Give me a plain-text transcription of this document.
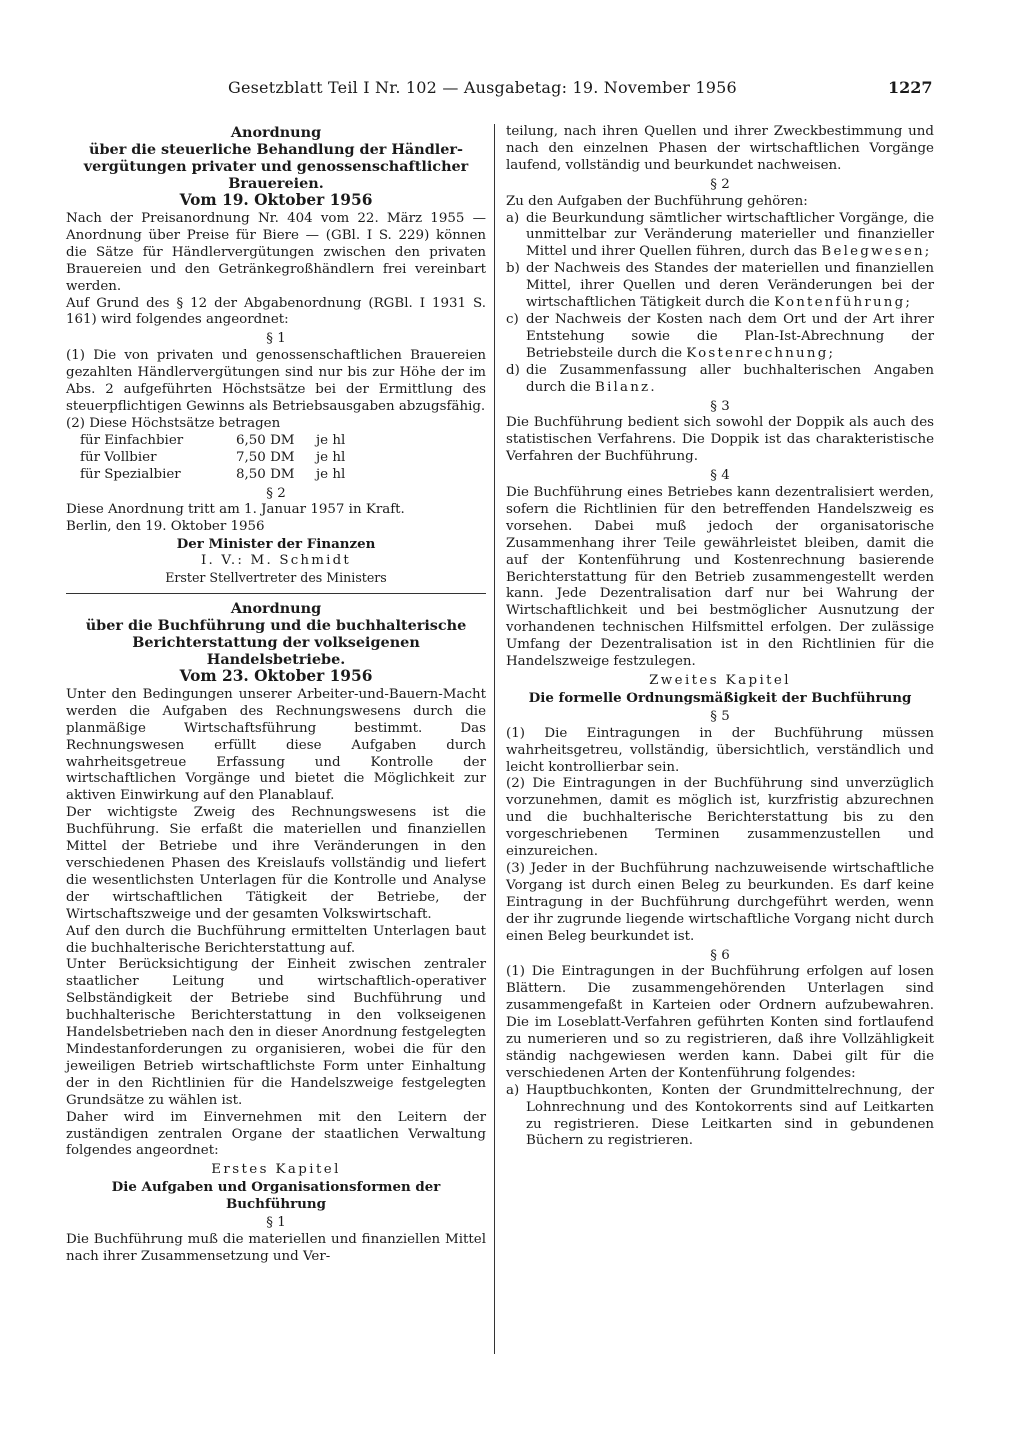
Gesetzblatt Teil I Nr. 102 — Ausgabetag: 19. November 1956	1227

Anordnung

über die steuerliche Behandlung der Händler-

vergütungen privater und genossenschaftlicher

Brauereien.

Vom 19. Oktober 1956

Nach der Preisanordnung Nr. 404 vom 22. März 1955 — Anordnung über Preise für Biere — (GBl. I S. 229) können die Sätze für Händlervergütungen zwischen den privaten Brauereien und den Getränkegroßhändlern frei vereinbart werden.

Auf Grund des § 12 der Abgabenordnung (RGBl. I 1931 S. 161) wird folgendes angeordnet:

§ 1

(1) Die von privaten und genossenschaftlichen Brauereien gezahlten Händlervergütungen sind nur bis zur Höhe der im Abs. 2 aufgeführten Höchstsätze bei der Ermittlung des steuerpflichtigen Gewinns als Betriebsausgaben abzugsfähig.

(2) Diese Höchstsätze betragen

für Einfachbier	6,50 DM	je hl
für Vollbier	7,50 DM	je hl
für Spezialbier	8,50 DM	je hl

§ 2

Diese Anordnung tritt am 1. Januar 1957 in Kraft.

Berlin, den 19. Oktober 1956

Der Minister der Finanzen

I. V.: M. Schmidt

Erster Stellvertreter des Ministers

Anordnung

über die Buchführung und die buchhalterische

Berichterstattung der volkseigenen Handelsbetriebe.

Vom 23. Oktober 1956

Unter den Bedingungen unserer Arbeiter-und-Bauern-Macht werden die Aufgaben des Rechnungswesens durch die planmäßige Wirtschaftsführung bestimmt. Das Rechnungswesen erfüllt diese Aufgaben durch wahrheitsgetreue Erfassung und Kontrolle der wirtschaftlichen Vorgänge und bietet die Möglichkeit zur aktiven Einwirkung auf den Planablauf.

Der wichtigste Zweig des Rechnungswesens ist die Buchführung. Sie erfaßt die materiellen und finanziellen Mittel der Betriebe und ihre Veränderungen in den verschiedenen Phasen des Kreislaufs vollständig und liefert die wesentlichsten Unterlagen für die Kontrolle und Analyse der wirtschaftlichen Tätigkeit der Betriebe, der Wirtschaftszweige und der gesamten Volkswirtschaft.

Auf den durch die Buchführung ermittelten Unterlagen baut die buchhalterische Berichterstattung auf.

Unter Berücksichtigung der Einheit zwischen zentraler staatlicher Leitung und wirtschaftlich-operativer Selbständigkeit der Betriebe sind Buchführung und buchhalterische Berichterstattung in den volkseigenen Handelsbetrieben nach den in dieser Anordnung festgelegten Mindestanforderungen zu organisieren, wobei die für den jeweiligen Betrieb wirtschaftlichste Form unter Einhaltung der in den Richtlinien für die Handelszweige festgelegten Grundsätze zu wählen ist.

Daher wird im Einvernehmen mit den Leitern der zuständigen zentralen Organe der staatlichen Verwaltung folgendes angeordnet:

Erstes Kapitel

Die Aufgaben und Organisationsformen der Buchführung

§ 1

Die Buchführung muß die materiellen und finanziellen Mittel nach ihrer Zusammensetzung und Ver-

teilung, nach ihren Quellen und ihrer Zweckbestimmung und nach den einzelnen Phasen der wirtschaftlichen Vorgänge laufend, vollständig und beurkundet nachweisen.

§ 2

Zu den Aufgaben der Buchführung gehören:

a) die Beurkundung sämtlicher wirtschaftlicher Vorgänge, die unmittelbar zur Veränderung materieller und finanzieller Mittel und ihrer Quellen führen, durch das Belegwesen;
b) der Nachweis des Standes der materiellen und finanziellen Mittel, ihrer Quellen und deren Veränderungen bei der wirtschaftlichen Tätigkeit durch die Kontenführung;
c) der Nachweis der Kosten nach dem Ort und der Art ihrer Entstehung sowie die Plan-Ist-Abrechnung der Betriebsteile durch die Kostenrechnung;
d) die Zusammenfassung aller buchhalterischen Angaben durch die Bilanz.

§ 3

Die Buchführung bedient sich sowohl der Doppik als auch des statistischen Verfahrens. Die Doppik ist das charakteristische Verfahren der Buchführung.

§ 4

Die Buchführung eines Betriebes kann dezentralisiert werden, sofern die Richtlinien für den betreffenden Handelszweig es vorsehen. Dabei muß jedoch der organisatorische Zusammenhang ihrer Teile gewährleistet bleiben, damit die auf der Kontenführung und Kostenrechnung basierende Berichterstattung für den Betrieb zusammengestellt werden kann. Jede Dezentralisation darf nur bei Wahrung der Wirtschaftlichkeit und bei bestmöglicher Ausnutzung der vorhandenen technischen Hilfsmittel erfolgen. Der zulässige Umfang der Dezentralisation ist in den Richtlinien für die Handelszweige festzulegen.

Zweites Kapitel

Die formelle Ordnungsmäßigkeit der Buchführung

§ 5

(1) Die Eintragungen in der Buchführung müssen wahrheitsgetreu, vollständig, übersichtlich, verständlich und leicht kontrollierbar sein.

(2) Die Eintragungen in der Buchführung sind unverzüglich vorzunehmen, damit es möglich ist, kurzfristig abzurechnen und die buchhalterische Berichterstattung bis zu den vorgeschriebenen Terminen zusammenzustellen und einzureichen.

(3) Jeder in der Buchführung nachzuweisende wirtschaftliche Vorgang ist durch einen Beleg zu beurkunden. Es darf keine Eintragung in der Buchführung durchgeführt werden, wenn der ihr zugrunde liegende wirtschaftliche Vorgang nicht durch einen Beleg beurkundet ist.

§ 6

(1) Die Eintragungen in der Buchführung erfolgen auf losen Blättern. Die zusammengehörenden Unterlagen sind zusammengefaßt in Karteien oder Ordnern aufzubewahren. Die im Loseblatt-Verfahren geführten Konten sind fortlaufend zu numerieren und so zu registrieren, daß ihre Vollzähligkeit ständig nachgewiesen werden kann. Dabei gilt für die verschiedenen Arten der Kontenführung folgendes:

a) Hauptbuchkonten, Konten der Grundmittelrechnung, der Lohnrechnung und des Kontokorrents sind auf Leitkarten zu registrieren. Diese Leitkarten sind in gebundenen Büchern zu registrieren.
